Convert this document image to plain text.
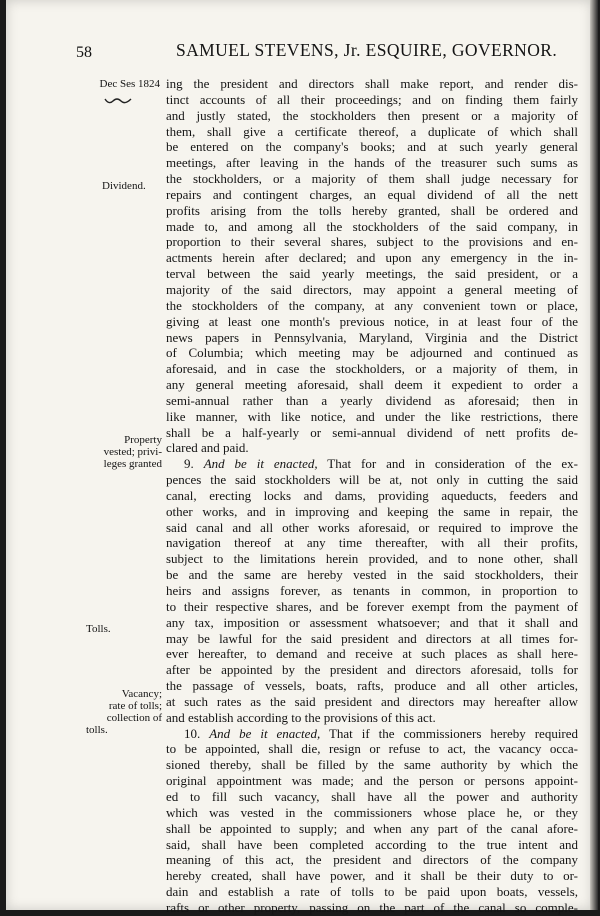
58	SAMUEL STEVENS, Jr. ESQUIRE, GOVERNOR.
Dec Ses 1824
Dividend.
Property
vested; privi-
leges granted
Tolls.
Vacancy;
rate of tolls;
collection of
tolls.
ing the president and directors shall make report, and render dis-
tinct accounts of all their proceedings; and on finding them fairly
and justly stated, the stockholders then present or a majority of
them, shall give a certificate thereof, a duplicate of which shall
be entered on the company's books; and at such yearly general
meetings, after leaving in the hands of the treasurer such sums as
the stockholders, or a majority of them shall judge necessary for
repairs and contingent charges, an equal dividend of all the nett
profits arising from the tolls hereby granted, shall be ordered and
made to, and among all the stockholders of the said company, in
proportion to their several shares, subject to the provisions and en-
actments herein after declared; and upon any emergency in the in-
terval between the said yearly meetings, the said president, or a
majority of the said directors, may appoint a general meeting of
the stockholders of the company, at any convenient town or place,
giving at least one month's previous notice, in at least four of the
news papers in Pennsylvania, Maryland, Virginia and the District
of Columbia; which meeting may be adjourned and continued as
aforesaid, and in case the stockholders, or a majority of them, in
any general meeting aforesaid, shall deem it expedient to order a
semi-annual rather than a yearly dividend as aforesaid; then in
like manner, with like notice, and under the like restrictions, there
shall be a half-yearly or semi-annual dividend of nett profits de-
clared and paid.
9. And be it enacted, That for and in consideration of the ex-
pences the said stockholders will be at, not only in cutting the said
canal, erecting locks and dams, providing aqueducts, feeders and
other works, and in improving and keeping the same in repair, the
said canal and all other works aforesaid, or required to improve the
navigation thereof at any time thereafter, with all their profits,
subject to the limitations herein provided, and to none other, shall
be and the same are hereby vested in the said stockholders, their
heirs and assigns forever, as tenants in common, in proportion to
to their respective shares, and be forever exempt from the payment of
any tax, imposition or assessment whatsoever; and that it shall and
may be lawful for the said president and directors at all times for-
ever hereafter, to demand and receive at such places as shall here-
after be appointed by the president and directors aforesaid, tolls for
the passage of vessels, boats, rafts, produce and all other articles,
at such rates as the said president and directors may hereafter allow
and establish according to the provisions of this act.
10. And be it enacted, That if the commissioners hereby required
to be appointed, shall die, resign or refuse to act, the vacancy occa-
sioned thereby, shall be filled by the same authority by which the
original appointment was made; and the person or persons appoint-
ed to fill such vacancy, shall have all the power and authority
which was vested in the commissioners whose place he, or they
shall be appointed to supply; and when any part of the canal afore-
said, shall have been completed according to the true intent and
meaning of this act, the president and directors of the company
hereby created, shall have power, and it shall be their duty to or-
dain and establish a rate of tolls to be paid upon boats, vessels,
rafts or other property, passing on the part of the canal so comple-
